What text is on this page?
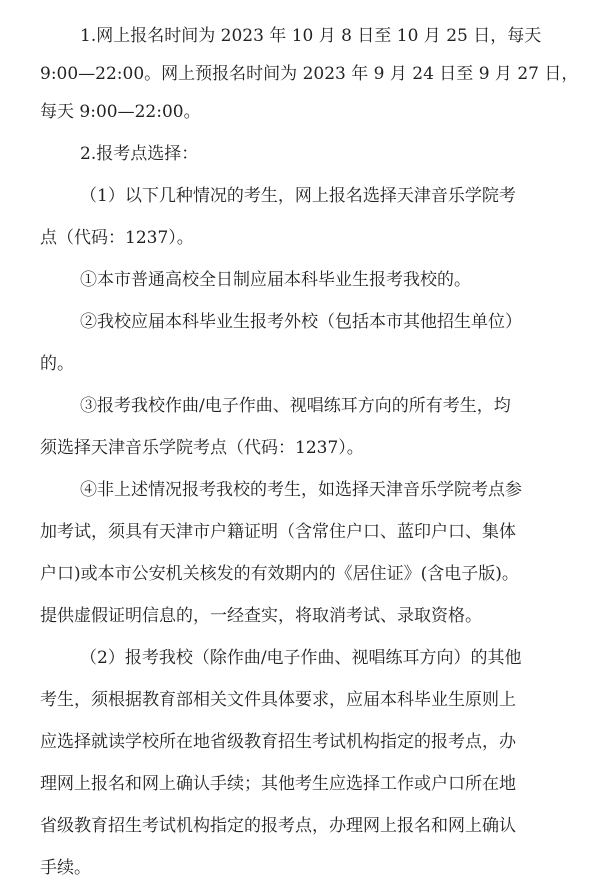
1.网上报名时间为 2023 年 10 月 8 日至 10 月 25 日，每天
9:00—22:00。网上预报名时间为 2023 年 9 月 24 日至 9 月 27 日，
每天 9:00—22:00。
2.报考点选择：
（1）以下几种情况的考生，网上报名选择天津音乐学院考
点（代码：1237）。
①本市普通高校全日制应届本科毕业生报考我校的。
②我校应届本科毕业生报考外校（包括本市其他招生单位）
的。
③报考我校作曲/电子作曲、视唱练耳方向的所有考生，均
须选择天津音乐学院考点（代码：1237）。
④非上述情况报考我校的考生，如选择天津音乐学院考点参
加考试，须具有天津市户籍证明（含常住户口、蓝印户口、集体
户口)或本市公安机关核发的有效期内的《居住证》(含电子版)。
提供虚假证明信息的，一经查实，将取消考试、录取资格。
（2）报考我校（除作曲/电子作曲、视唱练耳方向）的其他
考生，须根据教育部相关文件具体要求，应届本科毕业生原则上
应选择就读学校所在地省级教育招生考试机构指定的报考点，办
理网上报名和网上确认手续；其他考生应选择工作或户口所在地
省级教育招生考试机构指定的报考点，办理网上报名和网上确认
手续。
